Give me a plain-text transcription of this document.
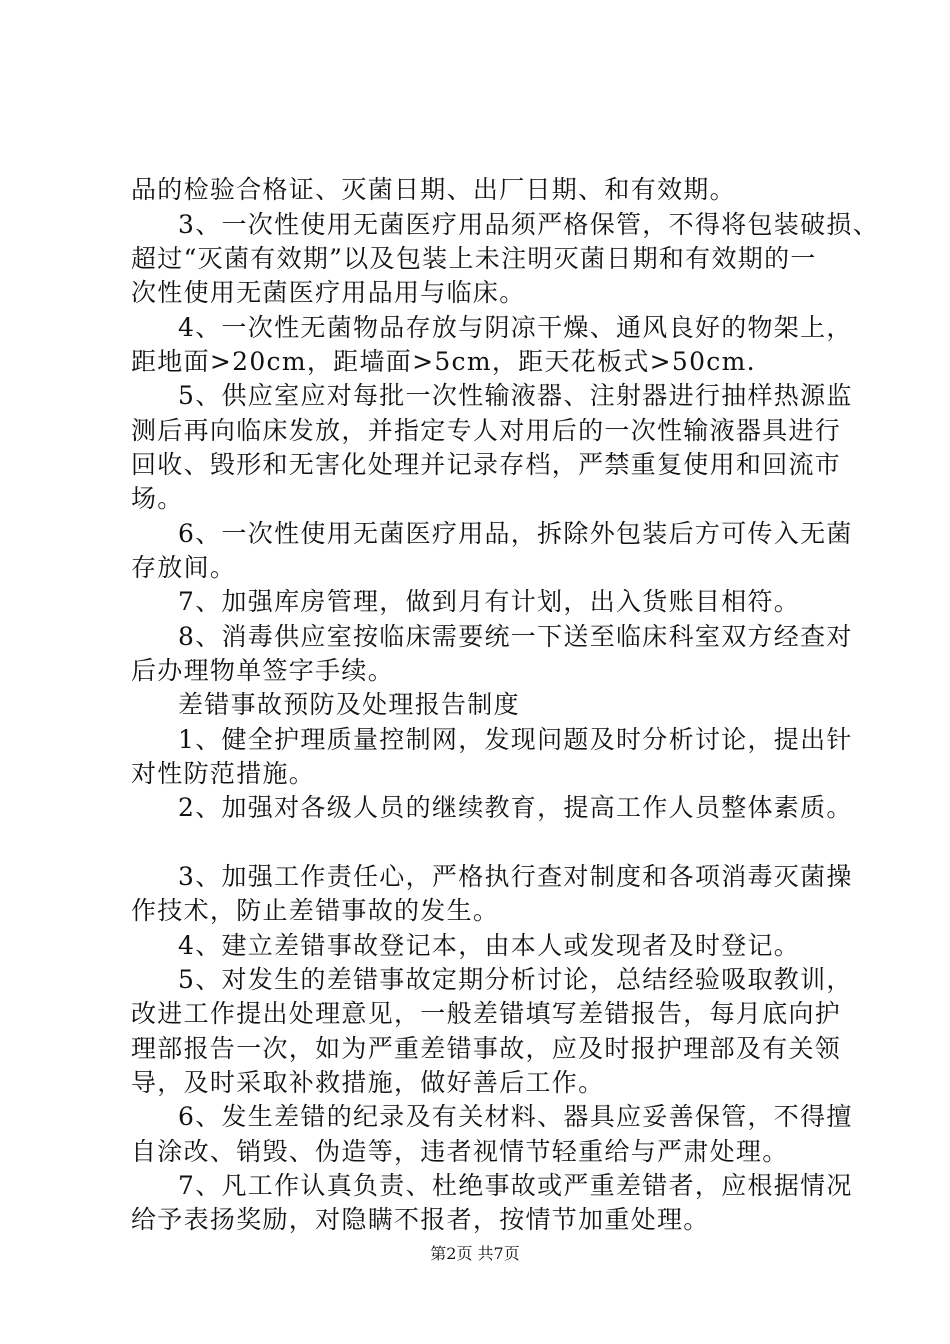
品的检验合格证、灭菌日期、出厂日期、和有效期。
3、一次性使用无菌医疗用品须严格保管，不得将包装破损、
超过“灭菌有效期”以及包装上未注明灭菌日期和有效期的一
次性使用无菌医疗用品用与临床。
4、一次性无菌物品存放与阴凉干燥、通风良好的物架上，
距地面>20cm，距墙面>5cm，距天花板式>50cm.
5、供应室应对每批一次性输液器、注射器进行抽样热源监
测后再向临床发放，并指定专人对用后的一次性输液器具进行
回收、毁形和无害化处理并记录存档，严禁重复使用和回流市
场。
6、一次性使用无菌医疗用品，拆除外包装后方可传入无菌
存放间。
7、加强库房管理，做到月有计划，出入货账目相符。
8、消毒供应室按临床需要统一下送至临床科室双方经查对
后办理物单签字手续。
差错事故预防及处理报告制度
1、健全护理质量控制网，发现问题及时分析讨论，提出针
对性防范措施。
2、加强对各级人员的继续教育，提高工作人员整体素质。
3、加强工作责任心，严格执行查对制度和各项消毒灭菌操
作技术，防止差错事故的发生。
4、建立差错事故登记本，由本人或发现者及时登记。
5、对发生的差错事故定期分析讨论，总结经验吸取教训，
改进工作提出处理意见，一般差错填写差错报告，每月底向护
理部报告一次，如为严重差错事故，应及时报护理部及有关领
导，及时采取补救措施，做好善后工作。
6、发生差错的纪录及有关材料、器具应妥善保管，不得擅
自涂改、销毁、伪造等，违者视情节轻重给与严肃处理。
7、凡工作认真负责、杜绝事故或严重差错者，应根据情况
给予表扬奖励，对隐瞒不报者，按情节加重处理。
第2页 共7页
